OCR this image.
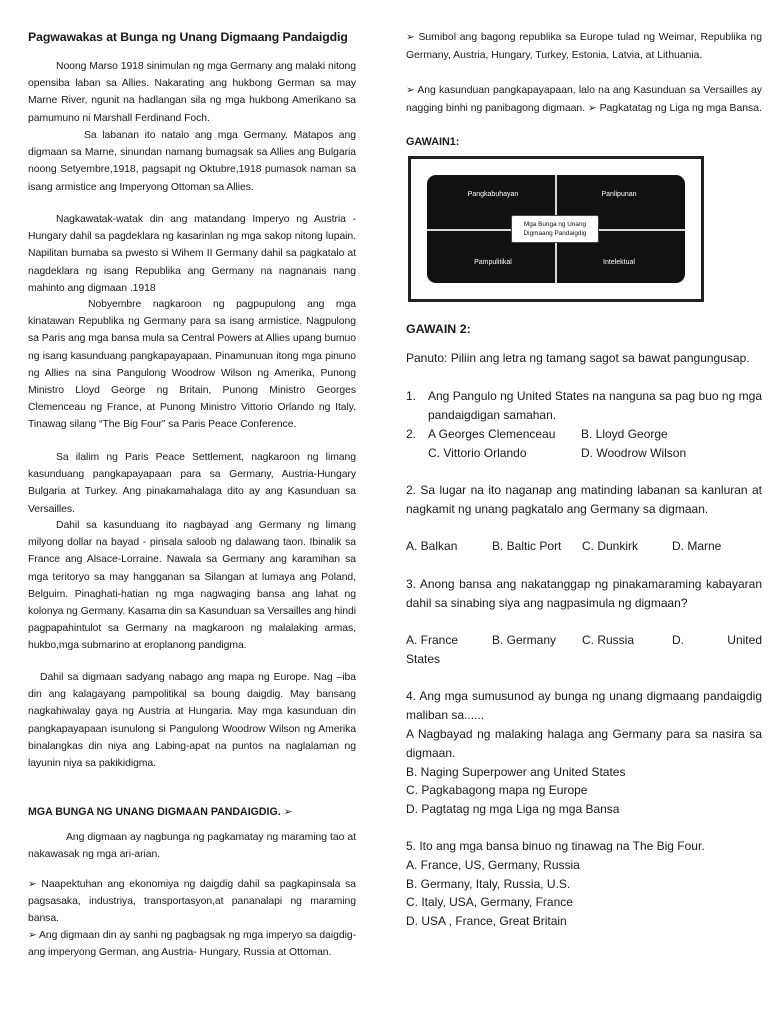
Pagwawakas at Bunga ng Unang Digmaang Pandaigdig
Noong Marso 1918 sinimulan ng mga Germany ang malaki nitong opensiba laban sa Allies. Nakarating ang hukbong German sa may Marne River, ngunit na hadlangan sila ng mga hukbong Amerikano sa pamumuno ni Marshall Ferdinand Foch.
Sa labanan ito natalo ang mga Germany. Matapos ang digmaan sa Marne, sinundan namang bumagsak sa Allies ang Bulgaria noong Setyembre,1918, pagsapit ng Oktubre,1918 pumasok naman sa isang armistice ang Imperyong Ottoman sa Allies.
Nagkawatak-watak din ang matandang Imperyo ng Austria - Hungary dahil sa pagdeklara ng kasarinlan ng mga sakop nitong lupain. Napilitan bumaba sa pwesto si Wihem II Germany dahil sa pagkatalo at nagdeklara ng isang Republika ang Germany na nagnanais nang mahinto ang digmaan .1918
Nobyembre nagkaroon ng pagpupulong ang mga kinatawan Republika ng Germany para sa isang armistice. Nagpulong sa Paris ang mga bansa mula sa Central Powers at Allies upang bumuo ng isang kasunduang pangkapayapaan. Pinamunuan itong mga pinuno ng Allies na sina Pangulong Woodrow Wilson ng Amerika, Punong Ministro Lloyd George ng Britain, Punong Ministro Georges Clemenceau ng France, at Punong Ministro Vittorio Orlando ng Italy. Tinawag silang “The Big Four” sa Paris Peace Conference.
Sa ilalim ng Paris Peace Settlement, nagkaroon ng limang kasunduang pangkapayapaan para sa Germany, Austria-Hungary Bulgaria at Turkey. Ang pinakamahalaga dito ay ang Kasunduan sa Versailles.
Dahil sa kasunduang ito nagbayad ang Germany ng limang milyong dollar na bayad - pinsala saloob ng dalawang taon. Ibinalik sa France ang Alsace-Lorraine. Nawala sa Germany ang karamihan sa mga teritoryo sa may hangganan sa Silangan at lumaya ang Poland, Belguim. Pinaghati-hatian ng mga nagwaging bansa ang lahat ng kolonya ng Germany. Kasama din sa Kasunduan sa Versailles ang hindi pagpapahintulot sa Germany na magkaroon ng malalaking armas, hukbo,mga submarino at eroplanong pandigma.
Dahil sa digmaan sadyang nabago ang mapa ng Europe. Nag –iba din ang kalagayang pampolitikal sa boung daigdig. May bansang nagkahiwalay gaya ng Austria at Hungaria. May mga kasunduan din pangkapayapaan isunulong si Pangulong Woodrow Wilson ng Amerika binalangkas din niya ang Labing-apat na puntos na naglalaman ng layunin niya sa pakikidigma.
MGA BUNGA NG UNANG DIGMAAN PANDAIGDIG. ➢
Ang digmaan ay nagbunga ng pagkamatay ng maraming tao at nakawasak ng mga ari-arian.
➢ Naapektuhan ang ekonomiya ng daigdig dahil sa pagkapinsala sa pagsasaka, industriya, transportasyon,at pananalapi ng maraming bansa.
➢ Ang digmaan din ay sanhi ng pagbagsak ng mga imperyo sa daigdig-ang imperyong German, ang Austria- Hungary, Russia at Ottoman.
➢ Sumibol ang bagong republika sa Europe tulad ng Weimar, Republika ng Germany, Austria, Hungary, Turkey, Estonia, Latvia, at Lithuania.
➢ Ang kasunduan pangkapayapaan, lalo na ang Kasunduan sa Versailles ay nagging binhi ng panibagong digmaan. ➢ Pagkatatag ng Liga ng mga Bansa.
GAWAIN1:
Pangkabuhayan	Panlipunan
Pampulitikal	Intelektual
Mga Bunga ng Unang Digmaang Pandaigdig
GAWAIN 2:
Panuto: Piliin ang letra ng tamang sagot sa bawat pangungusap.
1. Ang Pangulo ng United States na nanguna sa pag buo ng mga pandaigdigan samahan.
2. A Georges Clemenceau B. Lloyd George
C. Vittorio Orlando	D. Woodrow Wilson
2. Sa lugar na ito naganap ang matinding labanan sa kanluran at nagkamit ng unang pagkatalo ang Germany sa digmaan.
A. Balkan	B. Baltic Port C. Dunkirk	D. Marne
3. Anong bansa ang nakatanggap ng pinakamaraming kabayaran dahil sa sinabing siya ang nagpasimula ng digmaan?
A. France	B. Germany C. Russia	D. United
States
4. Ang mga sumusunod ay bunga ng unang digmaang pandaigdig maliban sa......
A Nagbayad ng malaking halaga ang Germany para sa nasira sa digmaan.
B. Naging Superpower ang United States
C. Pagkabagong mapa ng Europe
D. Pagtatag ng mga Liga ng mga Bansa
5. Ito ang mga bansa binuo ng tinawag na The Big Four.
A. France, US, Germany, Russia
B. Germany, Italy, Russia, U.S.
C. Italy, USA, Germany, France
D. USA , France, Great Britain
